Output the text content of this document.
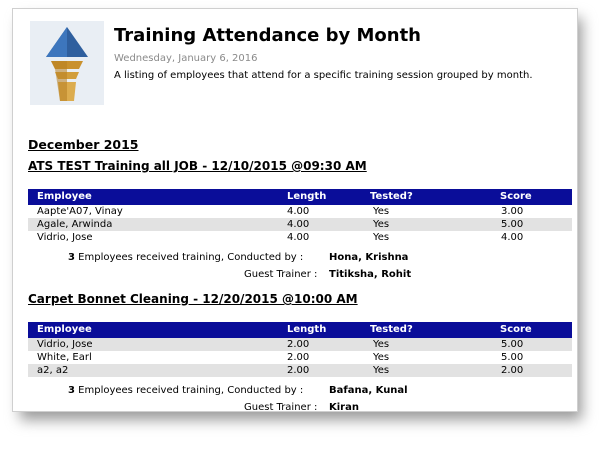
Training Attendance by Month
Wednesday, January 6, 2016
A listing of employees that attend for a specific training session grouped by month.
December 2015
ATS TEST Training all JOB - 12/10/2015 @09:30 AM
Employee	Length	Tested?	Score
Aapte'A07, Vinay	4.00	Yes	3.00
Agale, Arwinda	4.00	Yes	5.00
Vidrio, Jose	4.00	Yes	4.00
3 Employees received training, Conducted by :	Hona, Krishna
Guest Trainer : Titiksha, Rohit
Carpet Bonnet Cleaning - 12/20/2015 @10:00 AM
Employee	Length	Tested?	Score
Vidrio, Jose	2.00	Yes	5.00
White, Earl	2.00	Yes	5.00
a2, a2	2.00	Yes	2.00
3 Employees received training, Conducted by :	Bafana, Kunal
Guest Trainer : Kiran
